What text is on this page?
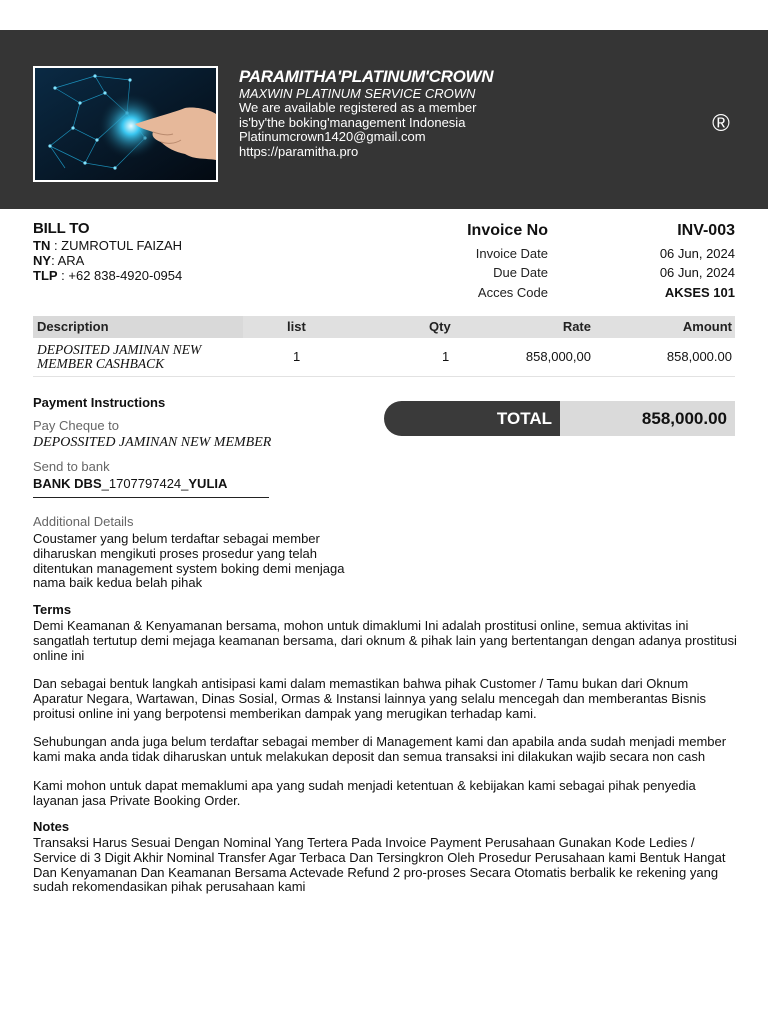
PARAMITHA'PLATINUM'CROWN
MAXWIN PLATINUM SERVICE CROWN
We are available registered as a member
is'by'the boking'management Indonesia
Platinumcrown1420@gmail.com
https://paramitha.pro
®
BILL TO
TN : ZUMROTUL FAIZAH
NY: ARA
TLP : +62 838-4920-0954
Invoice No	INV-003
Invoice Date	06 Jun, 2024
Due Date	06 Jun, 2024
Acces Code	AKSES 101
Description	list	Qty	Rate	Amount
DEPOSITED JAMINAN NEW MEMBER CASHBACK	1	1	858,000,00	858,000.00
Payment Instructions
Pay Cheque to
DEPOSSITED JAMINAN NEW MEMBER
Send to bank
BANK DBS_1707797424_YULIA
TOTAL	858,000.00
Additional Details
Coustamer yang belum terdaftar sebagai member diharuskan mengikuti proses prosedur yang telah ditentukan management system boking demi menjaga nama baik kedua belah pihak
Terms
Demi Keamanan & Kenyamanan bersama, mohon untuk dimaklumi Ini adalah prostitusi online, semua aktivitas ini sangatlah tertutup demi mejaga keamanan bersama, dari oknum & pihak lain yang bertentangan dengan adanya prostitusi online ini
Dan sebagai bentuk langkah antisipasi kami dalam memastikan bahwa pihak Customer / Tamu bukan dari Oknum Aparatur Negara, Wartawan, Dinas Sosial, Ormas & Instansi lainnya yang selalu mencegah dan memberantas Bisnis proitusi online ini yang berpotensi memberikan dampak yang merugikan terhadap kami.
Sehubungan anda juga belum terdaftar sebagai member di Management kami dan apabila anda sudah menjadi member kami maka anda tidak diharuskan untuk melakukan deposit dan semua transaksi ini dilakukan wajib secara non cash
Kami mohon untuk dapat memaklumi apa yang sudah menjadi ketentuan & kebijakan kami sebagai pihak penyedia layanan jasa Private Booking Order.
Notes
Transaksi Harus Sesuai Dengan Nominal Yang Tertera Pada Invoice Payment Perusahaan Gunakan Kode Ledies / Service di 3 Digit Akhir Nominal Transfer Agar Terbaca Dan Tersingkron Oleh Prosedur Perusahaan kami Bentuk Hangat Dan Kenyamanan Dan Keamanan Bersama Actevade Refund 2 pro-proses Secara Otomatis berbalik ke rekening yang sudah rekomendasikan pihak perusahaan kami
